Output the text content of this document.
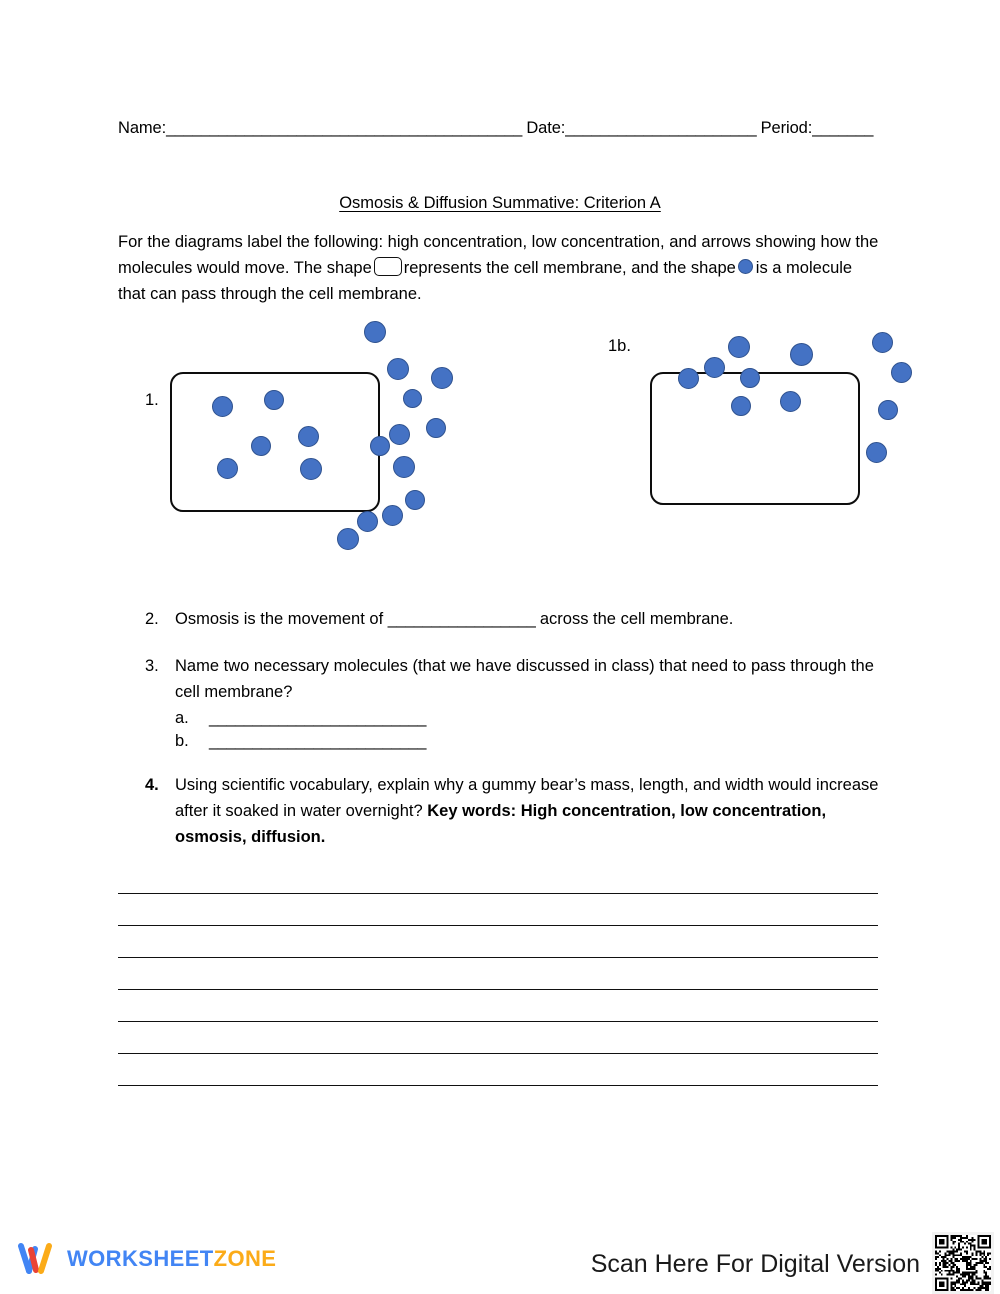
Name:_________________________________________ Date:______________________ Period:_______
Osmosis & Diffusion Summative: Criterion A
For the diagrams label the following: high concentration, low concentration, and arrows showing how the molecules would move. The shape represents the cell membrane, and the shape is a molecule that can pass through the cell membrane.
1.
1b.
2. Osmosis is the movement of _________________ across the cell membrane.
3. Name two necessary molecules (that we have discussed in class) that need to pass through the cell membrane?
a. _________________________
b. _________________________
4. Using scientific vocabulary, explain why a gummy bear’s mass, length, and width would increase after it soaked in water overnight? Key words: High concentration, low concentration, osmosis, diffusion.
WORKSHEETZONE	Scan Here For Digital Version
